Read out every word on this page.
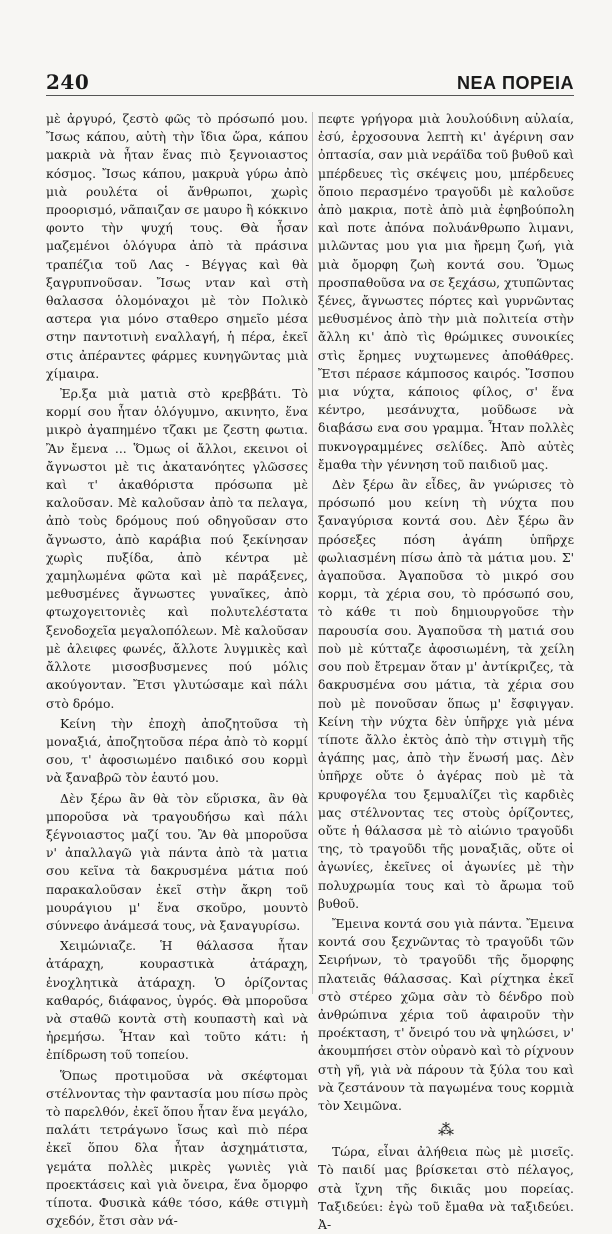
240	ΝΕΑ ΠΟΡΕΙΑ

μὲ ἀργυρό, ζεστὸ φῶς τὸ πρόσωπό μου. Ἴσως κάπου, αὐτὴ τὴν ἴδια ὥρα, κάπου μακριὰ νὰ ἦταν ἕνας πιὸ ξεγνοιαστος κόσμος. Ἴσως κάπου, μακρυὰ γύρω ἀπὸ μιὰ ρουλέτα οἱ ἄνθρωποι, χωρὶς προορισμό, νᾶπαιζαν σε μαυρο ἢ κόκκινο φοντο τὴν ψυχή τους. Θὰ ἦσαν μαζεμένοι ὁλόγυρα ἀπὸ τὰ πράσινα τραπέζια τοῦ Λας - Βέγγας καὶ θὰ ξαγρυπνοῦσαν. Ἴσως νταν καὶ στὴ θαλασσα ὁλομόναχοι μὲ τὸν Πολικὸ αστερα για μόνο σταθερο σημεῖο μέσα στην παντοτινὴ εναλλαγή, ἡ πέρα, ἐκεῖ στις ἀπέραντες φάρμες κυνηγῶντας μιὰ χίμαιρα.

Ἐρ.ξα μιὰ ματιὰ στὸ κρεββάτι. Τὸ κορμί σου ἦταν ὁλόγυμνο, ακινητο, ἕνα μικρὸ ἀγαπημένο τζακι με ζεστη φωτια. Ἂν ἔμενα ... Ὅμως οἱ ἄλλοι, εκεινοι οἱ ἄγνωστοι μὲ τις ἀκατανόητες γλῶσσες καὶ τ' ἀκαθόριστα πρόσωπα μὲ καλοῦσαν. Μὲ καλοῦσαν ἀπὸ τα πελαγα, ἀπὸ τοὺς δρόμους πού οδηγοῦσαν στο ἄγνωστο, ἀπὸ καράβια πού ξεκίνησαν χωρὶς πυξίδα, ἀπὸ κέντρα μὲ χαμηλωμένα φῶτα καὶ μὲ παράξενες, μεθυσμένες ἄγνωστες γυναῖκες, ἀπὸ φτωχογειτονιὲς καὶ πολυτελέστατα ξενοδοχεῖα μεγαλοπόλεων. Μὲ καλοῦσαν μὲ ἀλειφες φωνές, ἄλλοτε λυγμικὲς καὶ ἄλλοτε μισοσβυσμενες πού μόλις ακούγονταν. Ἔτσι γλυτώσαμε καὶ πάλι στὸ δρόμο.

Κείνη τὴν ἐποχὴ ἀποζητοῦσα τὴ μοναξιά, ἀποζητοῦσα πέρα ἀπὸ τὸ κορμί σου, τ' ἀφοσιωμένο παιδικό σου κορμὶ νὰ ξαναβρῶ τὸν ἑαυτό μου.

Δὲν ξέρω ἂν θὰ τὸν εὕρισκα, ἂν θὰ μποροῦσα νὰ τραγουδήσω καὶ πάλι ξέγνοιαστος μαζί του. Ἂν θὰ μποροῦσα ν' ἀπαλλαγῶ γιὰ πάντα ἀπὸ τὰ ματια σου κεῖνα τὰ δακρυσμένα μάτια πού παρακαλοῦσαν ἐκεῖ στὴν ἄκρη τοῦ μουράγιου μ' ἕνα σκοῦρο, μουντὸ σύννεφο ἀνάμεσά τους, νὰ ξαναγυρίσω.

Χειμώνιαζε. Ἡ θάλασσα ἦταν ἀτάραχη, κουραστικὰ ἀτάραχη, ἐνοχλητικὰ ἀτάραχη. Ὁ ὁρίζοντας καθαρός, διάφανος, ὑγρός. Θὰ μποροῦσα νὰ σταθῶ κοντὰ στὴ κουπαστὴ καὶ νὰ ἠρεμήσω. Ἦταν καὶ τοῦτο κάτι: ἡ ἐπίδρωση τοῦ τοπείου.

Ὅπως προτιμοῦσα νὰ σκέφτομαι στέλνοντας τὴν φαντασία μου πίσω πρὸς τὸ παρελθόν, ἐκεῖ ὅπου ἦταν ἕνα μεγάλο, παλάτι τετράγωνο ἴσως καὶ πιὸ πέρα ἐκεῖ ὅπου δλα ἦταν ἀσχημάτιστα, γεμάτα πολλὲς μικρὲς γωνιὲς γιὰ προεκτάσεις καὶ γιὰ ὄνειρα, ἕνα ὄμορφο τίποτα. Φυσικὰ κάθε τόσο, κάθε στιγμὴ σχεδόν, ἔτσι σὰν νά-

πεφτε γρήγορα μιὰ λουλούδινη αὐλαία, ἐσύ, ἐρχοσουνα λεπτὴ κι' ἀγέρινη σαν ὀπτασία, σαν μιὰ νεράϊδα τοῦ βυθοῦ καὶ μπέρδευες τὶς σκέψεις μου, μπέρδευες ὅποιο περασμένο τραγοῦδι μὲ καλοῦσε ἀπὸ μακρια, ποτὲ ἀπὸ μιὰ ἐφηβούπολη καὶ ποτε ἀπόνα πολυάνθρωπο λιμανι, μιλῶντας μου για μια ἤρεμη ζωή, γιὰ μιὰ ὄμορφη ζωὴ κοντά σου. Ὅμως προσπαθοῦσα να σε ξεχάσω, χτυπῶντας ξένες, ἄγνωστες πόρτες καὶ γυρνῶντας μεθυσμένος ἀπὸ τὴν μιὰ πολιτεία στὴν ἄλλη κι' ἀπὸ τὶς θρώμικες συνοικίες στὶς ἔρημες νυχτωμενες ἀποθάθρες. Ἔτσι πέρασε κάμποσος καιρός. Ἴσσπου μια νύχτα, κάποιος φίλος, σ' ἕνα κέντρο, μεσάνυχτα, μοῦδωσε νὰ διαβάσω ενα σου γραμμα. Ἦταν πολλὲς πυκνογραμμένες σελίδες. Ἀπὸ αὐτὲς ἔμαθα τὴν γέννηση τοῦ παιδιοῦ μας.

Δὲν ξέρω ἂν εἶδες, ἂν γνώρισες τὸ πρόσωπό μου κείνη τὴ νύχτα που ξαναγύρισα κοντά σου. Δὲν ξέρω ἂν πρόσεξες πόση ἀγάπη ὑπῆρχε φωλιασμένη πίσω ἀπὸ τὰ μάτια μου. Σ' ἀγαποῦσα. Ἀγαποῦσα τὸ μικρό σου κορμι, τὰ χέρια σου, τὸ πρόσωπό σου, τὸ κάθε τι ποὺ δημιουργοῦσε τὴν παρουσία σου. Ἀγαποῦσα τὴ ματιά σου ποὺ μὲ κύτταζε ἀφοσιωμένη, τὰ χείλη σου ποὺ ἔτρεμαν ὅταν μ' ἀντίκριζες, τὰ δακρυσμένα σου μάτια, τὰ χέρια σου ποὺ μὲ πονοῦσαν ὅπως μ' ἔσφιγγαν. Κείνη τὴν νύχτα δὲν ὑπῆρχε γιὰ μένα τίποτε ἄλλο ἐκτὸς ἀπὸ τὴν στιγμὴ τῆς ἀγάπης μας, ἀπὸ τὴν ἕνωσή μας. Δὲν ὑπῆρχε οὔτε ὁ ἀγέρας ποὺ μὲ τὰ κρυφογέλα του ξεμυαλίζει τὶς καρδιὲς μας στέλνοντας τες στοὺς ὁρίζοντες, οὔτε ἡ θάλασσα μὲ τὸ αἰώνιο τραγοῦδι της, τὸ τραγοῦδι τῆς μοναξιᾶς, οὔτε οἱ ἀγωνίες, ἐκεῖνες οἱ ἀγωνίες μὲ τὴν πολυχρωμία τους καὶ τὸ ἄρωμα τοῦ βυθοῦ.

Ἔμεινα κοντά σου γιὰ πάντα. Ἔμεινα κοντά σου ξεχνῶντας τὸ τραγοῦδι τῶν Σειρήνων, τὸ τραγοῦδι τῆς ὄμορφης πλατειᾶς θάλασσας. Καὶ ρίχτηκα ἐκεῖ στὸ στέρεο χῶμα σὰν τὸ δένδρο ποὺ ἀνθρώπινα χέρια τοῦ ἀφαιροῦν τὴν προέκταση, τ' ὄνειρό του νὰ ψηλώσει, ν' ἀκουμπήσει στὸν οὐρανὸ καὶ τὸ ρίχνουν στὴ γῆ, γιὰ νὰ πάρουν τὰ ξύλα του καὶ νὰ ζεστάνουν τὰ παγωμένα τους κορμιὰ τὸν Χειμῶνα.

⁂

Τώρα, εἶναι ἀλήθεια πὼς μὲ μισεῖς. Τὸ παιδί μας βρίσκεται στὸ πέλαγος, στὰ ἴχνη τῆς δικιᾶς μου πορείας. Ταξιδεύει: ἐγὼ τοῦ ἔμαθα νὰ ταξιδεύει. Ἀ-
